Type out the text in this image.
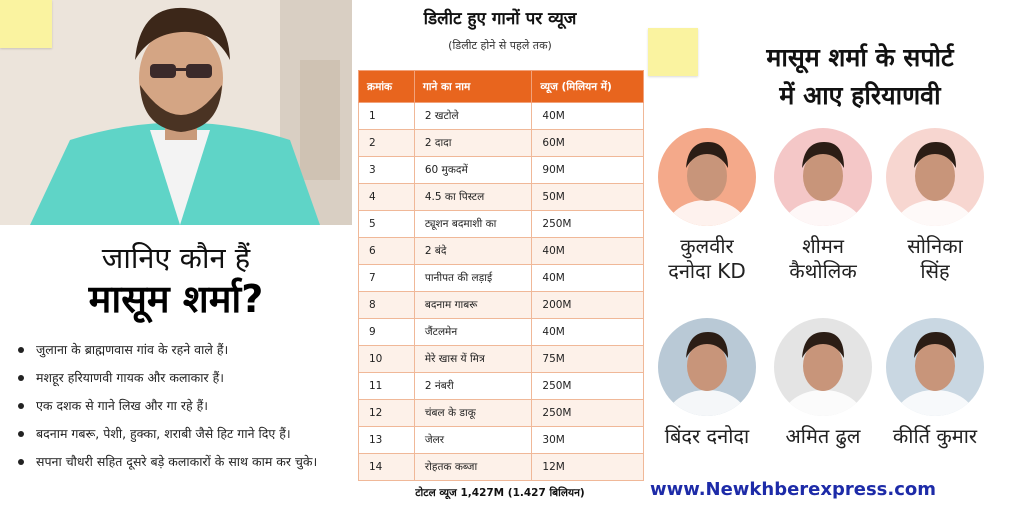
जानिए कौन हैं
मासूम शर्मा?
जुलाना के ब्राह्मणवास गांव के रहने वाले हैं।
मशहूर हरियाणवी गायक और कलाकार हैं।
एक दशक से गाने लिख और गा रहे हैं।
बदनाम गबरू, पेशी, हुक्का, शराबी जैसे हिट गाने दिए हैं।
सपना चौधरी सहित दूसरे बड़े कलाकारों के साथ काम कर चुके।
डिलीट हुए गानों पर व्यूज
(डिलीट होने से पहले तक)
क्रमांक	गाने का नाम	व्यूज (मिलियन में)
1	2 खटोले	40M
2	2 दादा	60M
3	60 मुकदमें	90M
4	4.5 का पिस्टल	50M
5	ट्यूशन बदमाशी का	250M
6	2 बंदे	40M
7	पानीपत की लड़ाई	40M
8	बदनाम गाबरू	200M
9	जैंटलमेन	40M
10	मेरे खास यें मित्र	75M
11	2 नंबरी	250M
12	चंबल के डाकू	250M
13	जेलर	30M
14	रोहतक कब्जा	12M
टोटल व्यूज 1,427M (1.427 बिलियन)
मासूम शर्मा के सपोर्ट
में आए हरियाणवी
कुलवीर
दनोदा KD
शीमन
कैथोलिक
सोनिका
सिंह
बिंदर दनोदा	अमित ढुल	कीर्ति कुमार
www.Newkhberexpress.com
